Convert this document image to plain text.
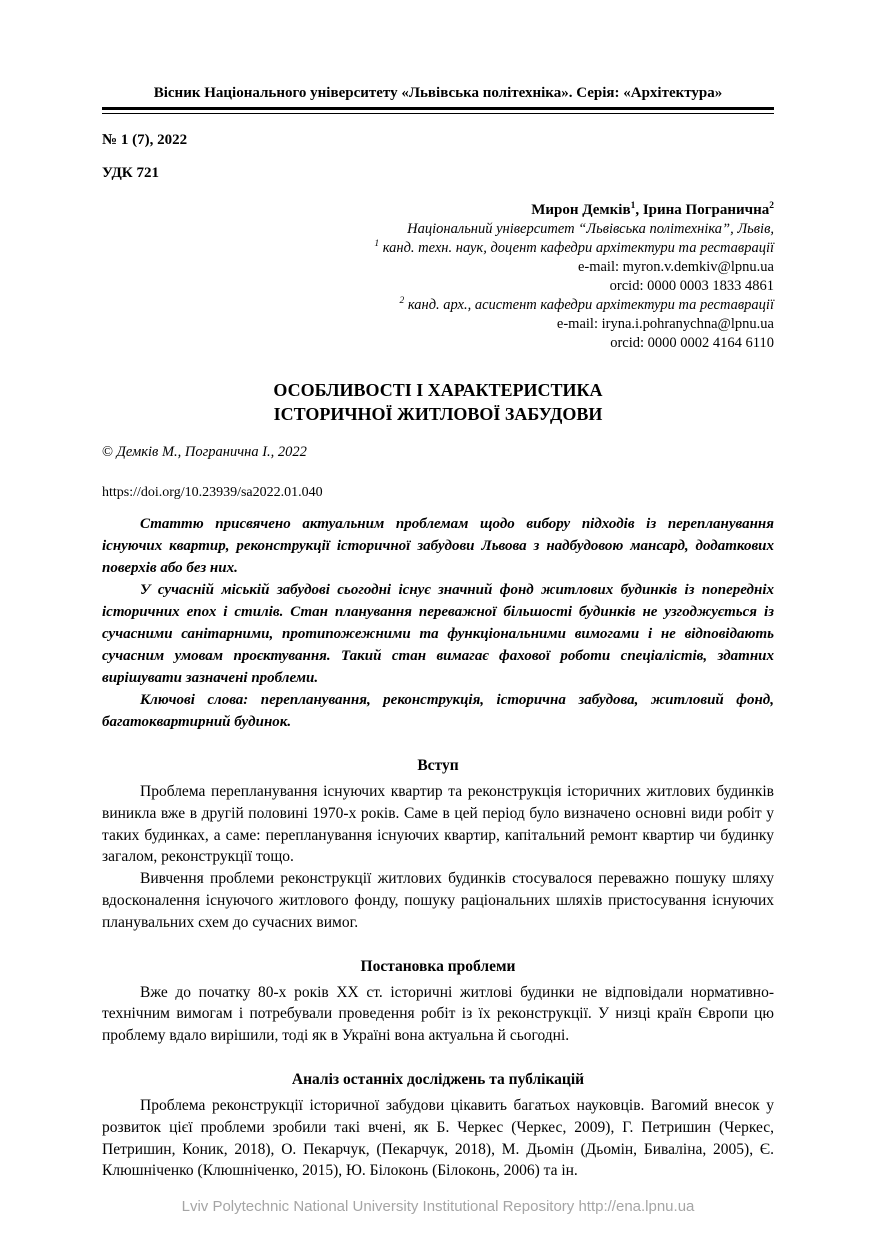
Вісник Національного університету «Львівська політехніка». Серія: «Архітектура»
№ 1 (7), 2022
УДК 721
Мирон Демків$^1$, Ірина Погранична$^2$
Національний університет “Львівська політехніка”, Львів,
$^1$ канд. техн. наук, доцент кафедри архітектури та реставрації
e-mail: myron.v.demkiv@lpnu.ua
orcid: 0000 0003 1833 4861
$^2$ канд. арх., асистент кафедри архітектури та реставрації
e-mail: iryna.i.pohranychna@lpnu.ua
orcid: 0000 0002 4164 6110
ОСОБЛИВОСТІ І ХАРАКТЕРИСТИКА
ІСТОРИЧНОЇ ЖИТЛОВОЇ ЗАБУДОВИ
© Демків М., Погранична І., 2022
https://doi.org/10.23939/sa2022.01.040

Статтю присвячено актуальним проблемам щодо вибору підходів із перепланування існуючих квартир, реконструкції історичної забудови Львова з надбудовою мансард, додаткових поверхів або без них.

У сучасній міській забудові сьогодні існує значний фонд житлових будинків із попередніх історичних епох і стилів. Стан планування переважної більшості будинків не узгоджується із сучасними санітарними, протипожежними та функціональними вимогами і не відповідають сучасним умовам проєктування. Такий стан вимагає фахової роботи спеціалістів, здатних вирішувати зазначені проблеми.

Ключові слова: перепланування, реконструкція, історична забудова, житловий фонд, багатоквартирний будинок.

Вступ

Проблема перепланування існуючих квартир та реконструкція історичних житлових будинків виникла вже в другій половині 1970-х років. Саме в цей період було визначено основні види робіт у таких будинках, а саме: перепланування існуючих квартир, капітальний ремонт квартир чи будинку загалом, реконструкції тощо.

Вивчення проблеми реконструкції житлових будинків стосувалося переважно пошуку шляху вдосконалення існуючого житлового фонду, пошуку раціональних шляхів пристосування існуючих планувальних схем до сучасних вимог.

Постановка проблеми

Вже до початку 80-х років ХХ ст. історичні житлові будинки не відповідали нормативно-технічним вимогам і потребували проведення робіт із їх реконструкції. У низці країн Європи цю проблему вдало вирішили, тоді як в Україні вона актуальна й сьогодні.

Аналіз останніх досліджень та публікацій

Проблема реконструкції історичної забудови цікавить багатьох науковців. Вагомий внесок у розвиток цієї проблеми зробили такі вчені, як Б. Черкес (Черкес, 2009), Г. Петришин (Черкес, Петришин, Коник, 2018), О. Пекарчук, (Пекарчук, 2018), М. Дьомін (Дьомін, Биваліна, 2005), Є. Клюшніченко (Клюшніченко, 2015), Ю. Білоконь (Білоконь, 2006) та ін.

Lviv Polytechnic National University Institutional Repository http://ena.lpnu.ua
